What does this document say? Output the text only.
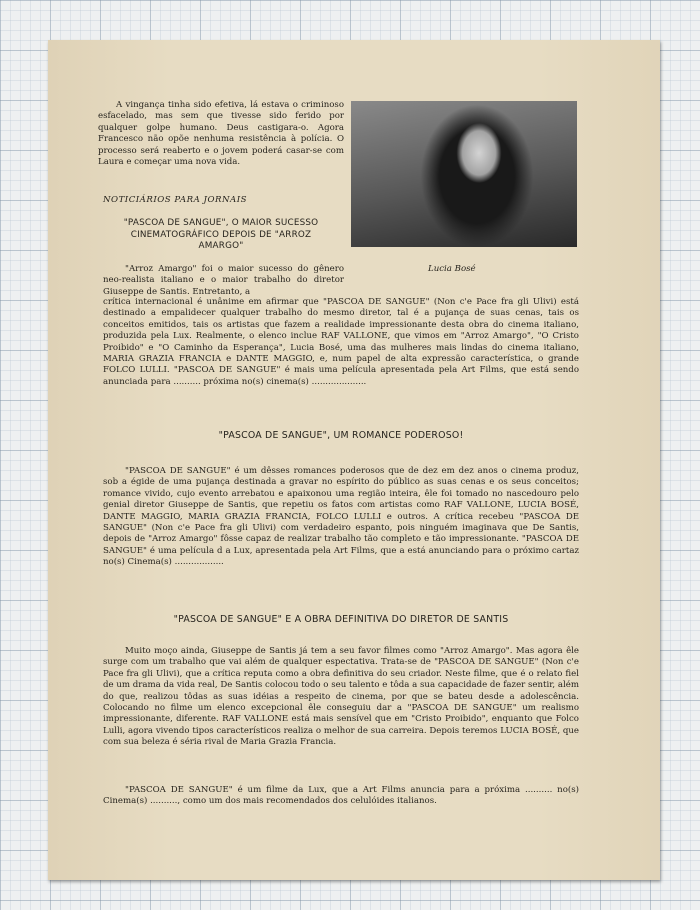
A vingança tinha sido efetiva, lá estava o criminoso esfacelado, mas sem que tivesse sido ferido por qualquer golpe humano. Deus castigara-o. Agora Francesco não opõe nenhuma resistência à polícia. O processo será reaberto e o jovem poderá casar-se com Laura e começar uma nova vida.

NOTICIÁRIOS PARA JORNAIS
"PASCOA DE SANGUE", O MAIOR SUCESSO CINEMATOGRÁFICO DEPOIS DE "ARROZ AMARGO"
Lucia Bosé

"Arroz Amargo" foi o maior sucesso do gênero neo-realista italiano e o maior trabalho do diretor Giuseppe de Santis. Entretanto, a

crítica internacional é unânime em afirmar que "PASCOA DE SANGUE" (Non c'e Pace fra gli Ulivi) está destinado a empalidecer qualquer trabalho do mesmo diretor, tal é a pujança de suas cenas, tais os conceitos emitidos, tais os artistas que fazem a realidade impressionante desta obra do cinema italiano, produzida pela Lux. Realmente, o elenco inclue RAF VALLONE, que vimos em "Arroz Amargo", "O Cristo Proibido" e "O Caminho da Esperança", Lucia Bosé, uma das mulheres mais lindas do cinema italiano, MARIA GRAZIA FRANCIA e DANTE MAGGIO, e, num papel de alta expressão característica, o grande FOLCO LULLI. "PASCOA DE SANGUE" é mais uma película apresentada pela Art Films, que está sendo anunciada para .......... próxima no(s) cinema(s) ....................

"PASCOA DE SANGUE", UM ROMANCE PODEROSO!

"PASCOA DE SANGUE" é um dêsses romances poderosos que de dez em dez anos o cinema produz, sob a égide de uma pujança destinada a gravar no espírito do público as suas cenas e os seus conceitos; romance vivido, cujo evento arrebatou e apaixonou uma região inteira, êle foi tomado no nascedouro pelo genial diretor Giuseppe de Santis, que repetiu os fatos com artistas como RAF VALLONE, LUCIA BOSÉ, DANTE MAGGIO, MARIA GRAZIA FRANCIA, FOLCO LULLI e outros. A crítica recebeu "PASCOA DE SANGUE" (Non c'e Pace fra gli Ulivi) com verdadeiro espanto, pois ninguém imaginava que De Santis, depois de "Arroz Amargo" fôsse capaz de realizar trabalho tão completo e tão impressionante. "PASCOA DE SANGUE" é uma película d a Lux, apresentada pela Art Films, que a está anunciando para o próximo cartaz no(s) Cinema(s) ..................

"PASCOA DE SANGUE" E A OBRA DEFINITIVA DO DIRETOR DE SANTIS

Muito moço ainda, Giuseppe de Santis já tem a seu favor filmes como "Arroz Amargo". Mas agora êle surge com um trabalho que vai além de qualquer espectativa. Trata-se de "PASCOA DE SANGUE" (Non c'e Pace fra gli Ulivi), que a crítica reputa como a obra definitiva do seu criador. Neste filme, que é o relato fiel de um drama da vida real, De Santis colocou todo o seu talento e tôda a sua capacidade de fazer sentir, além do que, realizou tôdas as suas idéias a respeito de cinema, por que se bateu desde a adolescência. Colocando no filme um elenco excepcional êle conseguiu dar a "PASCOA DE SANGUE" um realismo impressionante, diferente. RAF VALLONE está mais sensível que em "Cristo Proibido", enquanto que Folco Lulli, agora vivendo tipos característicos realiza o melhor de sua carreira. Depois teremos LUCIA BOSÉ, que com sua beleza é séria rival de Maria Grazia Francia.

"PASCOA DE SANGUE" é um filme da Lux, que a Art Films anuncia para a próxima .......... no(s) Cinema(s) .........., como um dos mais recomendados dos celulóides italianos.
